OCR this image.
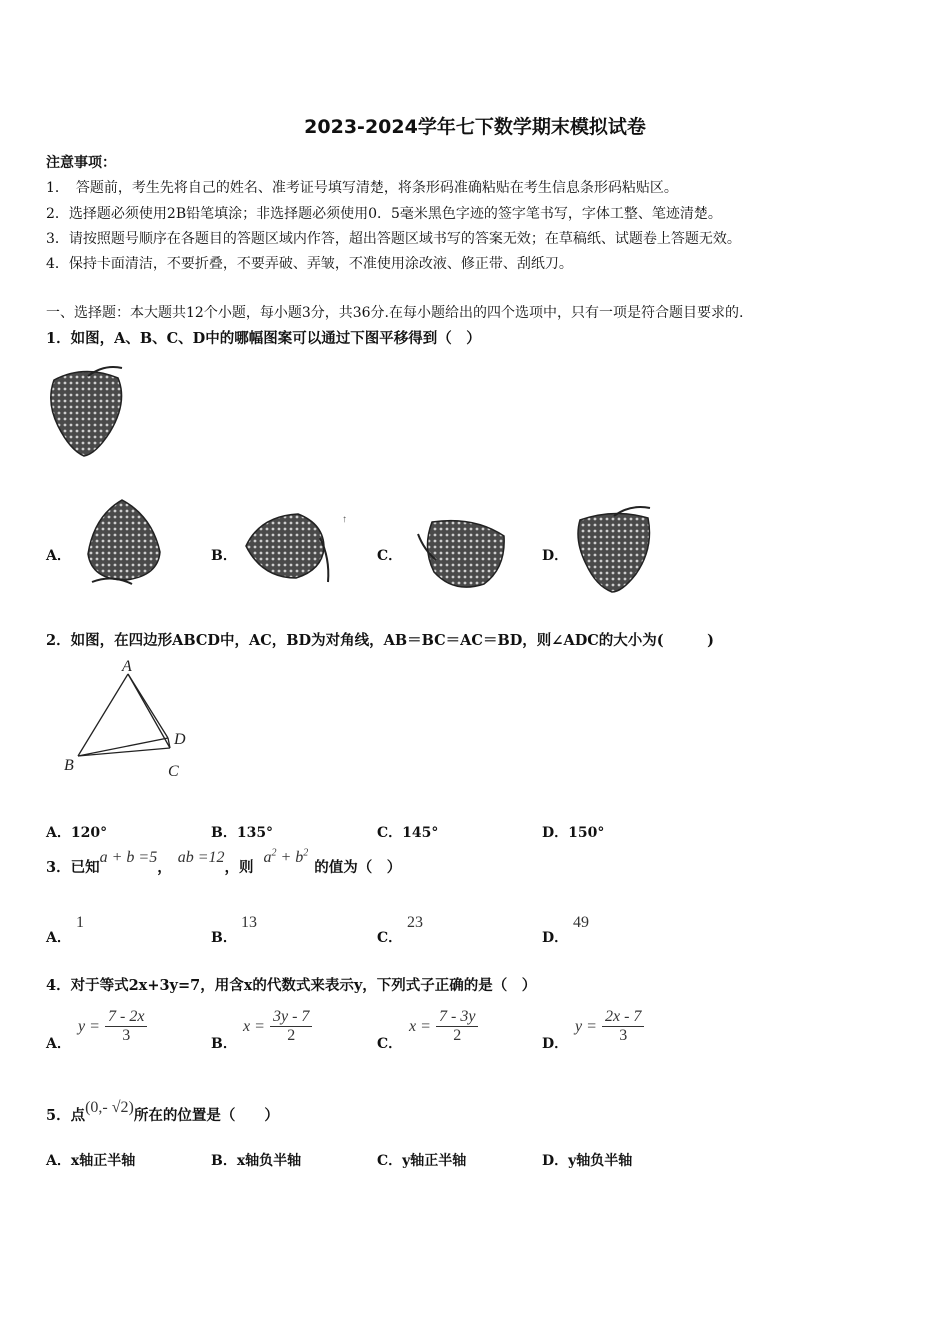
2023-2024学年七下数学期末模拟试卷
注意事项：
1．　答题前，考生先将自己的姓名、准考证号填写清楚，将条形码准确粘贴在考生信息条形码粘贴区。
2．选择题必须使用2B铅笔填涂；非选择题必须使用0．5毫米黑色字迹的签字笔书写，字体工整、笔迹清楚。
3．请按照题号顺序在各题目的答题区域内作答，超出答题区域书写的答案无效；在草稿纸、试题卷上答题无效。
4．保持卡面清洁，不要折叠，不要弄破、弄皱，不准使用涂改液、修正带、刮纸刀。
一、选择题：本大题共12个小题，每小题3分，共36分.在每小题给出的四个选项中，只有一项是符合题目要求的.
1．如图，A、B、C、D中的哪幅图案可以通过下图平移得到（　）
A．	B．
↑
C．	D．
2．如图，在四边形ABCD中，AC，BD为对角线，AB＝BC＝AC＝BD，则∠ADC的大小为(　　　)
A
B	C
D
A．120°	B．135°	C．145°	D．150°
3．已知a + b =5，ab =12，则$a^2 + b^2$的值为（　）
A．
1
B．
13
C．
23
D．
49
4．对于等式2x+3y=7，用含x的代数式来表示y，下列式子正确的是（　）
A．
$y = \frac{7 - 2x}{3}$	B．
$x = \frac{3y - 7}{2}$	C．
$x = \frac{7 - 3y}{2}$	D．
$y = \frac{2x - 7}{3}$
5．点(0,- √2)所在的位置是（　　）
A．x轴正半轴	B．x轴负半轴	C．y轴正半轴	D．y轴负半轴
